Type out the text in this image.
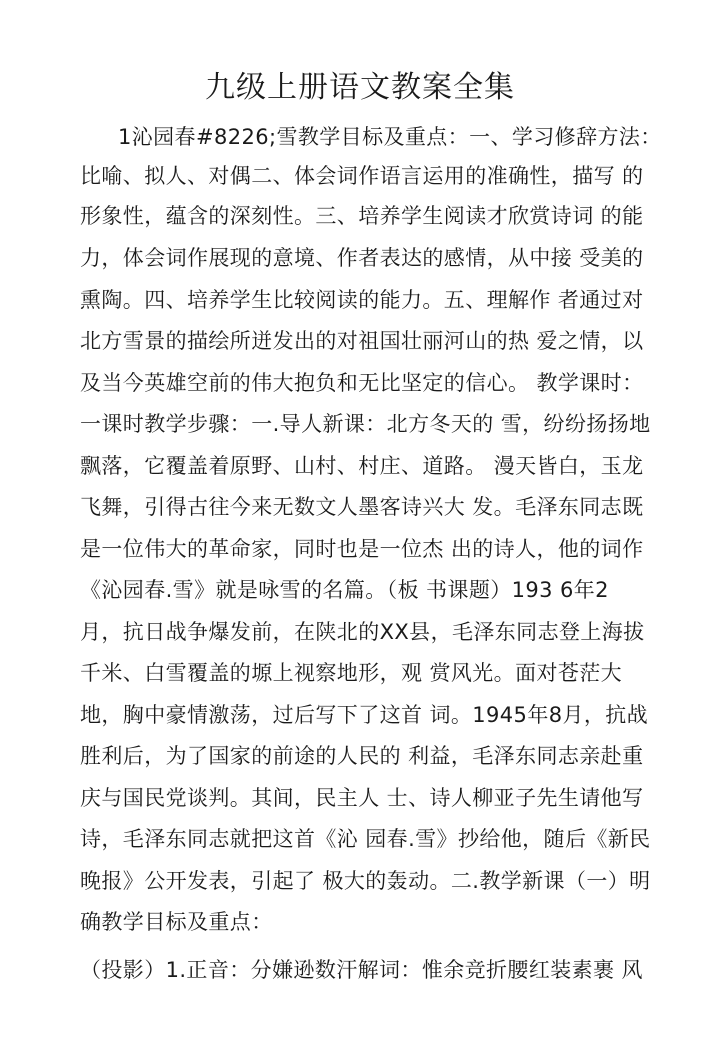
九级上册语文教案全集
1沁园春#8226;雪教学目标及重点：一、学习修辞方法：
比喻、拟人、对偶二、体会词作语言运用的准确性，描写 的
形象性，蕴含的深刻性。三、培养学生阅读才欣赏诗词 的能
力，体会词作展现的意境、作者表达的感情，从中接 受美的
熏陶。四、培养学生比较阅读的能力。五、理解作 者通过对
北方雪景的描绘所迸发出的对祖国壮丽河山的热 爱之情，以
及当今英雄空前的伟大抱负和无比坚定的信心。 教学课时：
一课时教学步骤：一.导人新课：北方冬天的 雪，纷纷扬扬地
飘落，它覆盖着原野、山村、村庄、道路。 漫天皆白，玉龙
飞舞，引得古往今来无数文人墨客诗兴大 发。毛泽东同志既
是一位伟大的革命家，同时也是一位杰 出的诗人，他的词作
《沁园春.雪》就是咏雪的名篇。（板 书课题）193 6年2
月，抗日战争爆发前，在陕北的XX县，毛泽东同志登上海拔
千米、白雪覆盖的塬上视察地形，观 赏风光。面对苍茫大
地，胸中豪情激荡，过后写下了这首 词。1945年8月，抗战
胜利后，为了国家的前途的人民的 利益，毛泽东同志亲赴重
庆与国民党谈判。其间，民主人 士、诗人柳亚子先生请他写
诗，毛泽东同志就把这首《沁 园春.雪》抄给他，随后《新民
晚报》公开发表，引起了 极大的轰动。二.教学新课（一）明
确教学目标及重点：
（投影）1.正音：分嫌逊数汗解词：惟余竞折腰红装素裹 风
